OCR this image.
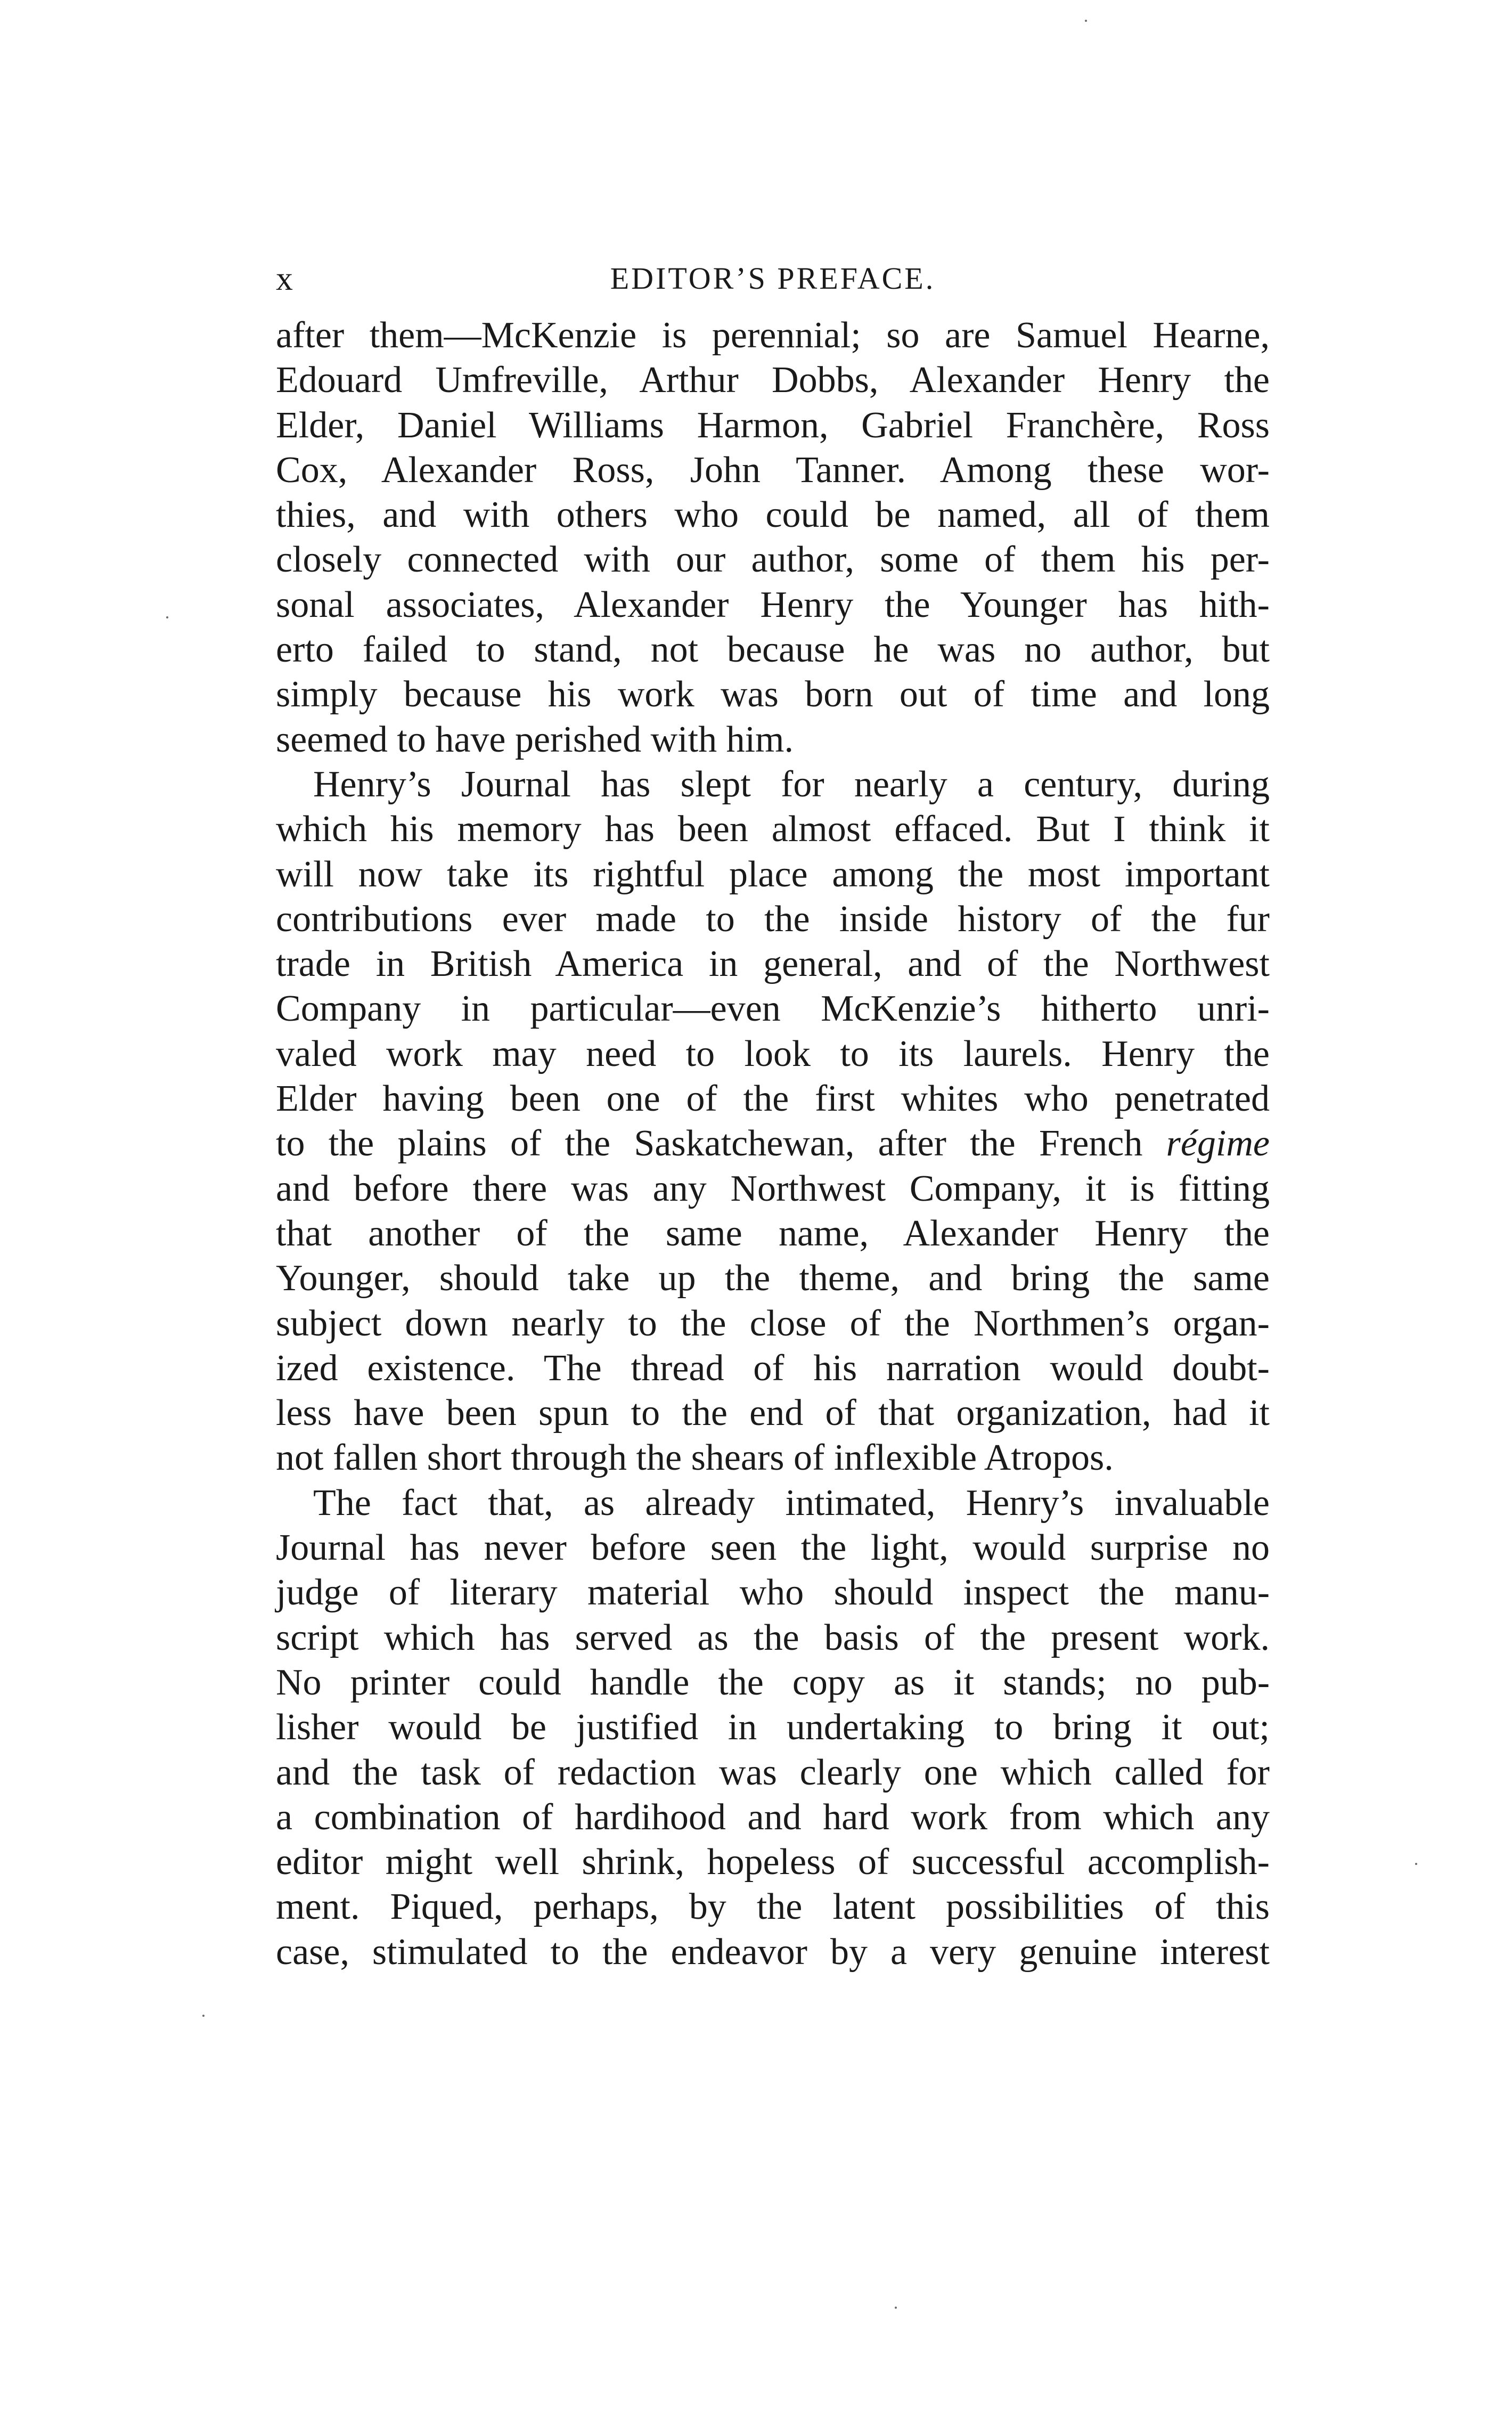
x	EDITOR’S PREFACE.
after them—McKenzie is perennial; so are Samuel Hearne,
Edouard Umfreville, Arthur Dobbs, Alexander Henry the
Elder, Daniel Williams Harmon, Gabriel Franchère, Ross
Cox, Alexander Ross, John Tanner. Among these wor-
thies, and with others who could be named, all of them
closely connected with our author, some of them his per-
sonal associates, Alexander Henry the Younger has hith-
erto failed to stand, not because he was no author, but
simply because his work was born out of time and long
seemed to have perished with him.
Henry’s Journal has slept for nearly a century, during
which his memory has been almost effaced. But I think it
will now take its rightful place among the most important
contributions ever made to the inside history of the fur
trade in British America in general, and of the Northwest
Company in particular—even McKenzie’s hitherto unri-
valed work may need to look to its laurels. Henry the
Elder having been one of the first whites who penetrated
to the plains of the Saskatchewan, after the French régime
and before there was any Northwest Company, it is fitting
that another of the same name, Alexander Henry the
Younger, should take up the theme, and bring the same
subject down nearly to the close of the Northmen’s organ-
ized existence. The thread of his narration would doubt-
less have been spun to the end of that organization, had it
not fallen short through the shears of inflexible Atropos.
The fact that, as already intimated, Henry’s invaluable
Journal has never before seen the light, would surprise no
judge of literary material who should inspect the manu-
script which has served as the basis of the present work.
No printer could handle the copy as it stands; no pub-
lisher would be justified in undertaking to bring it out;
and the task of redaction was clearly one which called for
a combination of hardihood and hard work from which any
editor might well shrink, hopeless of successful accomplish-
ment. Piqued, perhaps, by the latent possibilities of this
case, stimulated to the endeavor by a very genuine interest
